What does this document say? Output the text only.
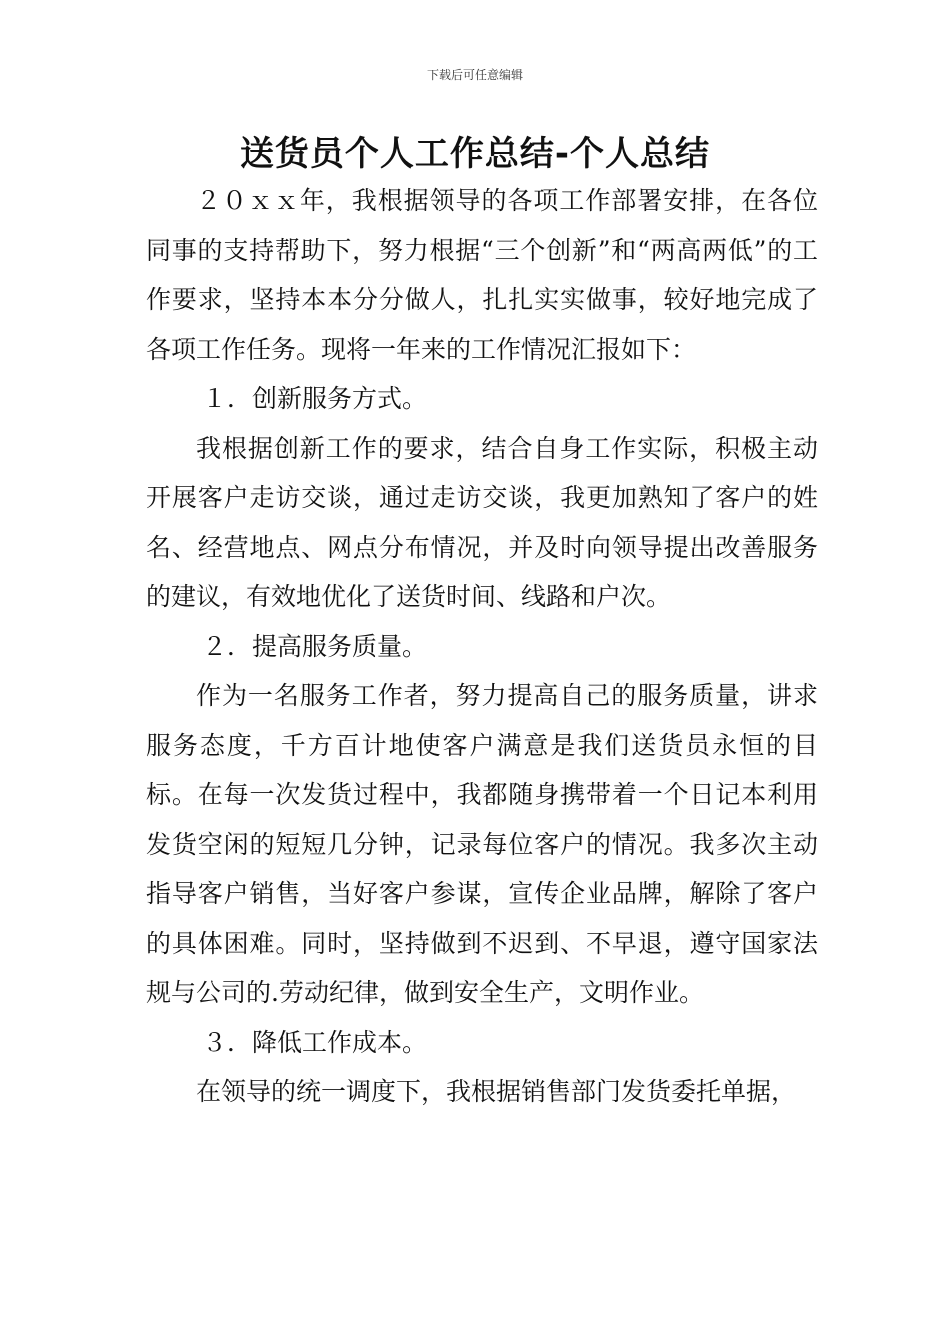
下载后可任意编辑
送货员个人工作总结-个人总结

２０ｘｘ年，我根据领导的各项工作部署安排，在各位同事的支持帮助下，努力根据“三个创新”和“两高两低”的工作要求，坚持本本分分做人，扎扎实实做事，较好地完成了各项工作任务。现将一年来的工作情况汇报如下：

１．创新服务方式。

我根据创新工作的要求，结合自身工作实际，积极主动开展客户走访交谈，通过走访交谈，我更加熟知了客户的姓名、经营地点、网点分布情况，并及时向领导提出改善服务的建议，有效地优化了送货时间、线路和户次。

２．提高服务质量。

作为一名服务工作者，努力提高自己的服务质量，讲求服务态度，千方百计地使客户满意是我们送货员永恒的目标。在每一次发货过程中，我都随身携带着一个日记本利用发货空闲的短短几分钟，记录每位客户的情况。我多次主动指导客户销售，当好客户参谋，宣传企业品牌，解除了客户的具体困难。同时，坚持做到不迟到、不早退，遵守国家法规与公司的.劳动纪律，做到安全生产，文明作业。

３．降低工作成本。

在领导的统一调度下，我根据销售部门发货委托单据，
